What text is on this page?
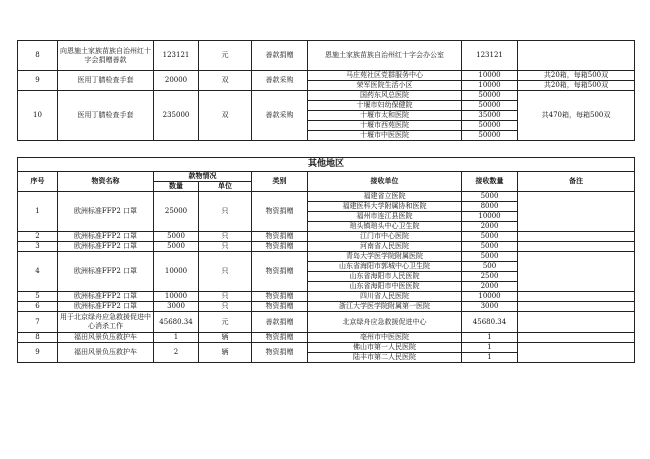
8	向恩施土家族苗族自治州红十字会捐赠善款	123121	元	善款捐赠	恩施土家族苗族自治州红十字会办公室	123121	
9	医用丁腈检查手套	20000	双	善款采购	马庄苑社区党群服务中心	10000	共20箱，每箱500双
					荣军医院生活小区	10000	共20箱，每箱500双
10	医用丁腈检查手套	235000	双	善款采购	国药东风总医院	50000	共470箱，每箱500双
					十堰市妇幼保健院	50000	
					十堰市太和医院	35000	
					十堰市西苑医院	50000	
					十堰市中医医院	50000	
其他地区							
序号	物资名称	款物情况		类别	接收单位	接收数量	备注
		数量	单位				
1	欧洲标准FFP2 口罩	25000	只	物资捐赠	福建省立医院	5000	
					福建医科大学附属协和医院	8000	
					福州市连江县医院	10000	
					琯头镇琯头中心卫生院	2000	
2	欧洲标准FFP2 口罩	5000	只	物资捐赠	江门市中心医院	5000	
3	欧洲标准FFP2 口罩	5000	只	物资捐赠	河南省人民医院	5000	
4	欧洲标准FFP2 口罩	10000	只	物资捐赠	青岛大学医学院附属医院	5000	
					山东省海阳市郭城中心卫生院	500	
					山东省海阳市人民医院	2500	
					山东省海阳市中医医院	2000	
5	欧洲标准FFP2 口罩	10000	只	物资捐赠	四川省人民医院	10000	
6	欧洲标准FFP2 口罩	3000	只	物资捐赠	浙江大学医学院附属第一医院	3000	
7	用于北京绿舟应急救援促进中心消杀工作	45680.34	元	善款捐赠	北京绿舟应急救援促进中心	45680.34	
8	福田风景负压救护车	1	辆	物资捐赠	亳州市中医医院	1	
9	福田风景负压救护车	2	辆	物资捐赠	佛山市第一人民医院	1	
					陆丰市第二人民医院	1	
